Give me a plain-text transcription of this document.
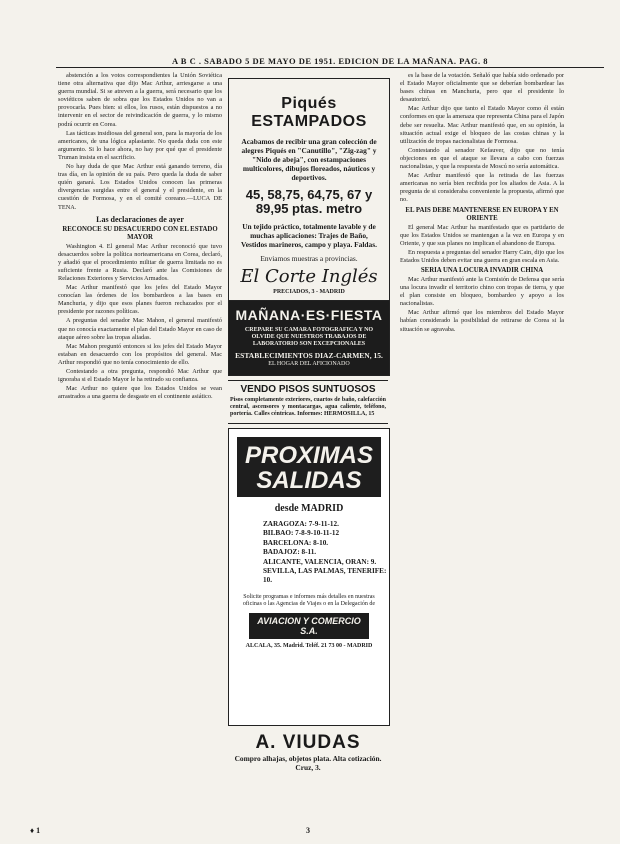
A B C . SABADO 5 DE MAYO DE 1951. EDICION DE LA MAÑANA. PAG. 8

abstención a los votos correspondientes la Unión Soviética tiene otra alternativa que dijo Mac Arthur, arriesgarse a una guerra mundial. Si se atreven a la guerra, será necesario que los soviéticos saben de sobra que los Estados Unidos no van a provocarla. Pues bien: si ellos, los rusos, están dispuestos a no intervenir en el sector de reivindicación de guerra, y lo mismo podrá ocurrir en Corea.

Las tácticas insidiosas del general son, para la mayoría de los americanos, de una lógica aplastante. No queda duda con este argumento. Si lo hace ahora, no hay por qué que el presidente Truman insista en el sacrificio.

No hay duda de que Mac Arthur está ganando terreno, día tras día, en la opinión de su país. Pero queda la duda de saber quién ganará. Los Estados Unidos conocen las primeras divergencias surgidas entre el general y el presidente, en la cuestión de Formosa, y en el comité coreano.—LUCA DE TENA.

Las declaraciones de ayer
RECONOCE SU DESACUERDO CON EL ESTADO MAYOR

Washington 4. El general Mac Arthur reconoció que tuvo desacuerdos sobre la política norteamericana en Corea, declaró, y añadió que el procedimiento militar de guerra limitada no es suficiente frente a Rusia. Declaró ante las Comisiones de Relaciones Exteriores y Servicios Armados.

Mac Arthur manifestó que los jefes del Estado Mayor conocían las órdenes de los bombardeos a las bases en Manchuria, y dijo que esos planes fueron rechazados por el presidente por razones políticas.

A preguntas del senador Mac Mahon, el general manifestó que no conocía exactamente el plan del Estado Mayor en caso de ataque aéreo sobre las tropas aliadas.

Mac Mahon preguntó entonces si los jefes del Estado Mayor estaban en desacuerdo con los propósitos del general. Mac Arthur respondió que no tenía conocimiento de ello.

Contestando a otra pregunta, respondió Mac Arthur que ignoraba si el Estado Mayor le ha retirado su confianza.

Mac Arthur no quiere que los Estados Unidos se vean arrastrados a una guerra de desgaste en el continente asiático.

Piqués ESTAMPADOS
Acabamos de recibir una gran colección de alegres Piqués en "Canutillo", "Zig-zag" y "Nido de abeja", con estampaciones multicolores, dibujos floreados, náuticos y deportivos.
45, 58,75, 64,75, 67 y 89,95 ptas. metro
Un tejido práctico, totalmente lavable y de muchas aplicaciones: Trajes de Baño, Vestidos marineros, campo y playa. Faldas.
Enviamos muestras a provincias.
El Corte Inglés
PRECIADOS, 3 - MADRID
MAÑANA·ES·FIESTA
CREPARE SU CAMARA FOTOGRAFICA Y NO OLVIDE QUE NUESTROS TRABAJOS DE LABORATORIO SON EXCEPCIONALES
ESTABLECIMIENTOS DIAZ-CARMEN, 15.
EL HOGAR DEL AFICIONADO
VENDO PISOS SUNTUOSOS
Pisos completamente exteriores, cuartos de baño, calefacción central, ascensores y montacargas, agua caliente, teléfono, portería. Calles céntricas. Informes: HERMOSILLA, 15
PROXIMAS
SALIDAS
desde MADRID
ZARAGOZA: 7-9-11-12.
BILBAO: 7-8-9-10-11-12
BARCELONA: 8-10.
BADAJOZ: 8-11.
ALICANTE, VALENCIA, ORAN: 9.
SEVILLA, LAS PALMAS, TENERIFE: 10.
Solicite programas e informes más detalles en nuestras oficinas o las Agencias de Viajes o en la Delegación de
AVIACION Y COMERCIO S.A.
ALCALA, 35. Madrid. Teléf. 21 73 00 - MADRID
A. VIUDAS
Compro alhajas, objetos plata. Alta cotización. Cruz, 3.

es la base de la votación. Señaló que había sido ordenado por el Estado Mayor oficialmente que se deberían bombardear las bases chinas en Manchuria, pero que el presidente lo desautorizó.

Mac Arthur dijo que tanto el Estado Mayor como él están conformes en que la amenaza que representa China para el Japón debe ser resuelta. Mac Arthur manifestó que, en su opinión, la situación actual exige el bloqueo de las costas chinas y la utilización de tropas nacionalistas de Formosa.

Contestando al senador Kefauver, dijo que no tenía objeciones en que el ataque se llevara a cabo con fuerzas nacionalistas, y que la respuesta de Moscú no sería automática.

Mac Arthur manifestó que la retirada de las fuerzas americanas no sería bien recibida por los aliados de Asia. A la pregunta de si consideraba conveniente la propuesta, afirmó que no.

EL PAIS DEBE MANTENERSE EN EUROPA Y EN ORIENTE

El general Mac Arthur ha manifestado que es partidario de que los Estados Unidos se mantengan a la vez en Europa y en Oriente, y que sus planes no implican el abandono de Europa.

En respuesta a preguntas del senador Harry Cain, dijo que los Estados Unidos deben evitar una guerra en gran escala en Asia.

SERIA UNA LOCURA INVADIR CHINA

Mac Arthur manifestó ante la Comisión de Defensa que sería una locura invadir el territorio chino con tropas de tierra, y que el plan consiste en bloqueo, bombardeo y apoyo a los nacionalistas.

Mac Arthur afirmó que los miembros del Estado Mayor habían considerado la posibilidad de retirarse de Corea si la situación se agravaba.

♦ 1	3
